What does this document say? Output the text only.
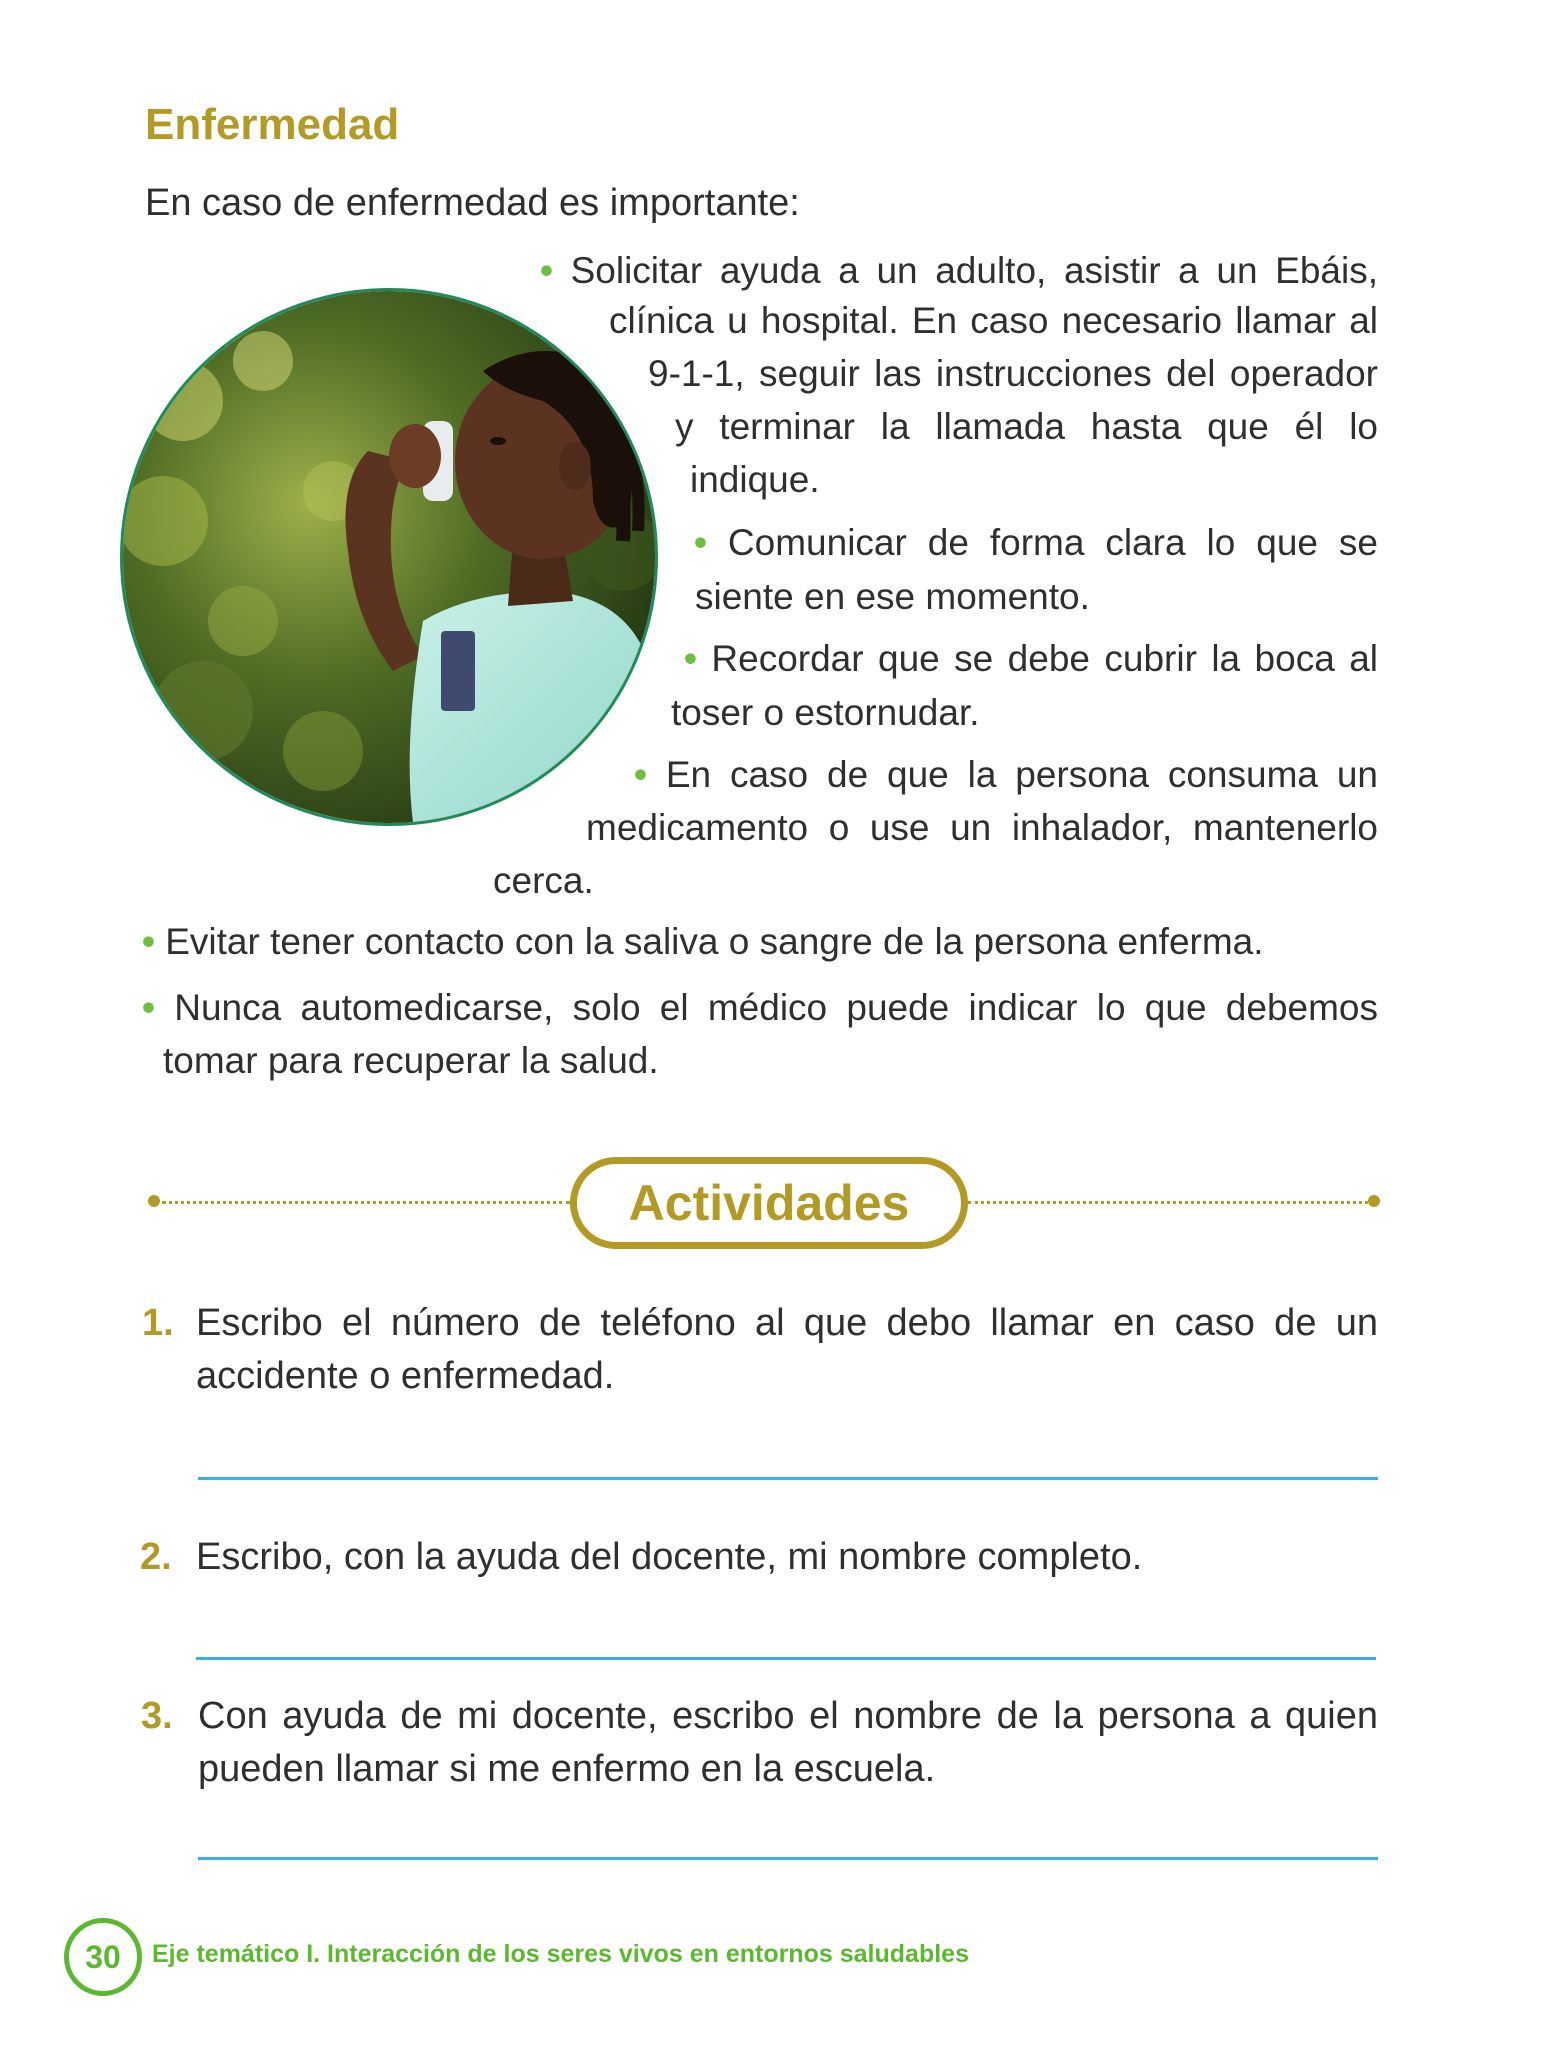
Enfermedad
En caso de enfermedad es importante:
• Solicitar ayuda a un adulto, asistir a un Ebáis,
clínica u hospital. En caso necesario llamar al
9-1-1, seguir las instrucciones del operador
y terminar la llamada hasta que él lo
indique.
• Comunicar de forma clara lo que se
siente en ese momento.
• Recordar que se debe cubrir la boca al
toser o estornudar.
• En caso de que la persona consuma un
medicamento o use un inhalador, mantenerlo
cerca.
• Evitar tener contacto con la saliva o sangre de la persona enferma.
• Nunca automedicarse, solo el médico puede indicar lo que debemos
tomar para recuperar la salud.
Actividades
1. Escribo el número de teléfono al que debo llamar en caso de un
accidente o enfermedad.
2. Escribo, con la ayuda del docente, mi nombre completo.
3. Con ayuda de mi docente, escribo el nombre de la persona a quien
pueden llamar si me enfermo en la escuela.
30	Eje temático I. Interacción de los seres vivos en entornos saludables
